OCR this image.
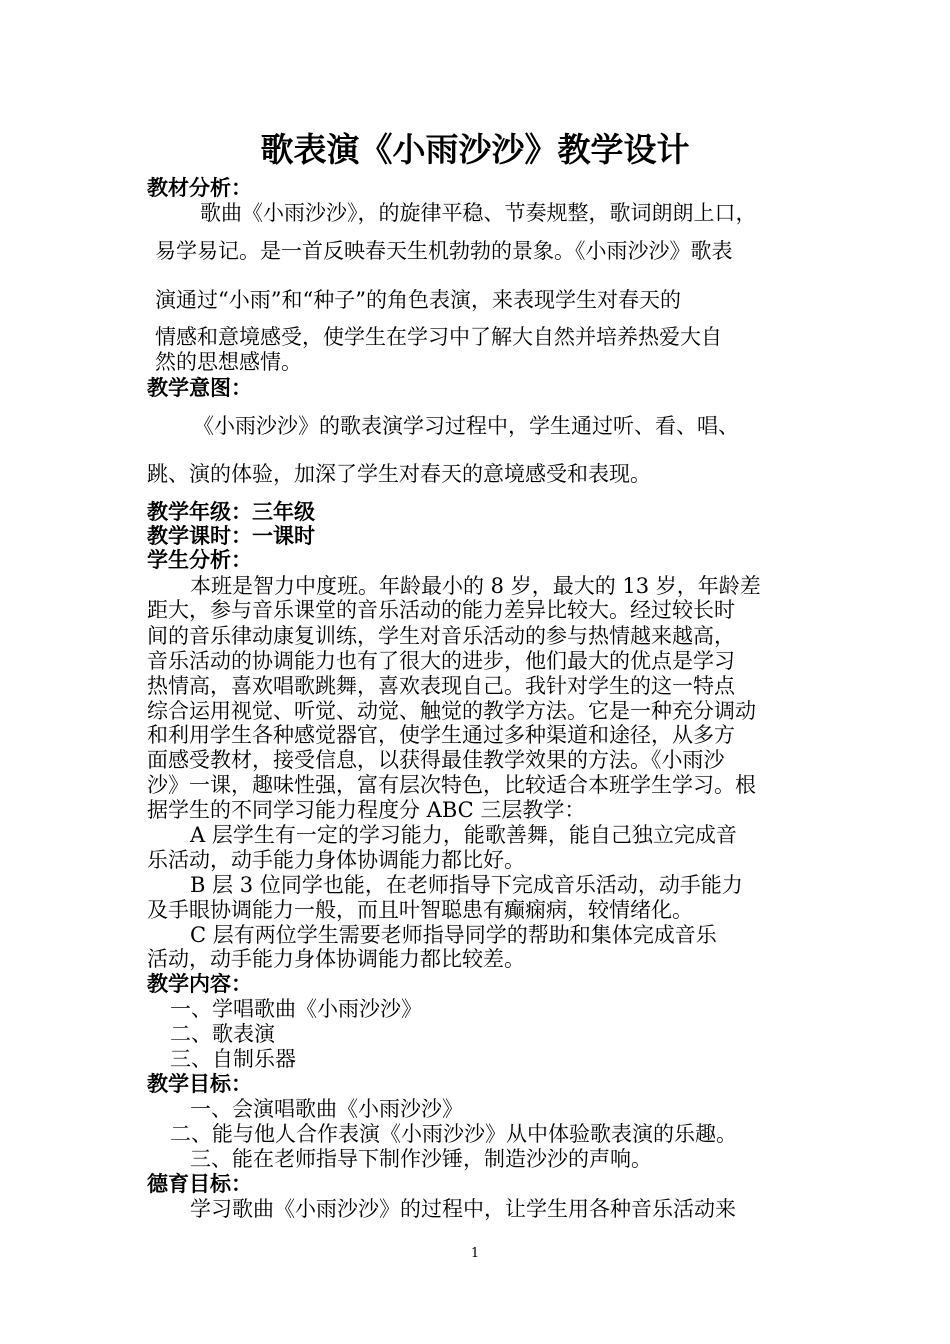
歌表演《小雨沙沙》教学设计
教材分析：
歌曲《小雨沙沙》，的旋律平稳、节奏规整，歌词朗朗上口，
易学易记。是一首反映春天生机勃勃的景象。《小雨沙沙》歌表
演通过“小雨”和“种子”的角色表演，来表现学生对春天的
情感和意境感受，使学生在学习中了解大自然并培养热爱大自
然的思想感情。
教学意图：
《小雨沙沙》的歌表演学习过程中，学生通过听、看、唱、
跳、演的体验，加深了学生对春天的意境感受和表现。
教学年级：三年级
教学课时：一课时
学生分析：
本班是智力中度班。年龄最小的 8 岁，最大的 13 岁，年龄差
距大，参与音乐课堂的音乐活动的能力差异比较大。经过较长时
间的音乐律动康复训练，学生对音乐活动的参与热情越来越高，
音乐活动的协调能力也有了很大的进步，他们最大的优点是学习
热情高，喜欢唱歌跳舞，喜欢表现自己。我针对学生的这一特点
综合运用视觉、听觉、动觉、触觉的教学方法。它是一种充分调动
和利用学生各种感觉器官，使学生通过多种渠道和途径，从多方
面感受教材，接受信息，以获得最佳教学效果的方法。《小雨沙
沙》一课，趣味性强，富有层次特色，比较适合本班学生学习。根
据学生的不同学习能力程度分 ABC 三层教学：
A 层学生有一定的学习能力，能歌善舞，能自己独立完成音
乐活动，动手能力身体协调能力都比好。
B 层 3 位同学也能，在老师指导下完成音乐活动，动手能力
及手眼协调能力一般，而且叶智聪患有癫痫病，较情绪化。
C 层有两位学生需要老师指导同学的帮助和集体完成音乐
活动，动手能力身体协调能力都比较差。
教学内容：
一、学唱歌曲《小雨沙沙》
二、歌表演
三、自制乐器
教学目标：
一、会演唱歌曲《小雨沙沙》
二、能与他人合作表演《小雨沙沙》从中体验歌表演的乐趣。
三、能在老师指导下制作沙锤，制造沙沙的声响。
德育目标：
学习歌曲《小雨沙沙》的过程中，让学生用各种音乐活动来
1
